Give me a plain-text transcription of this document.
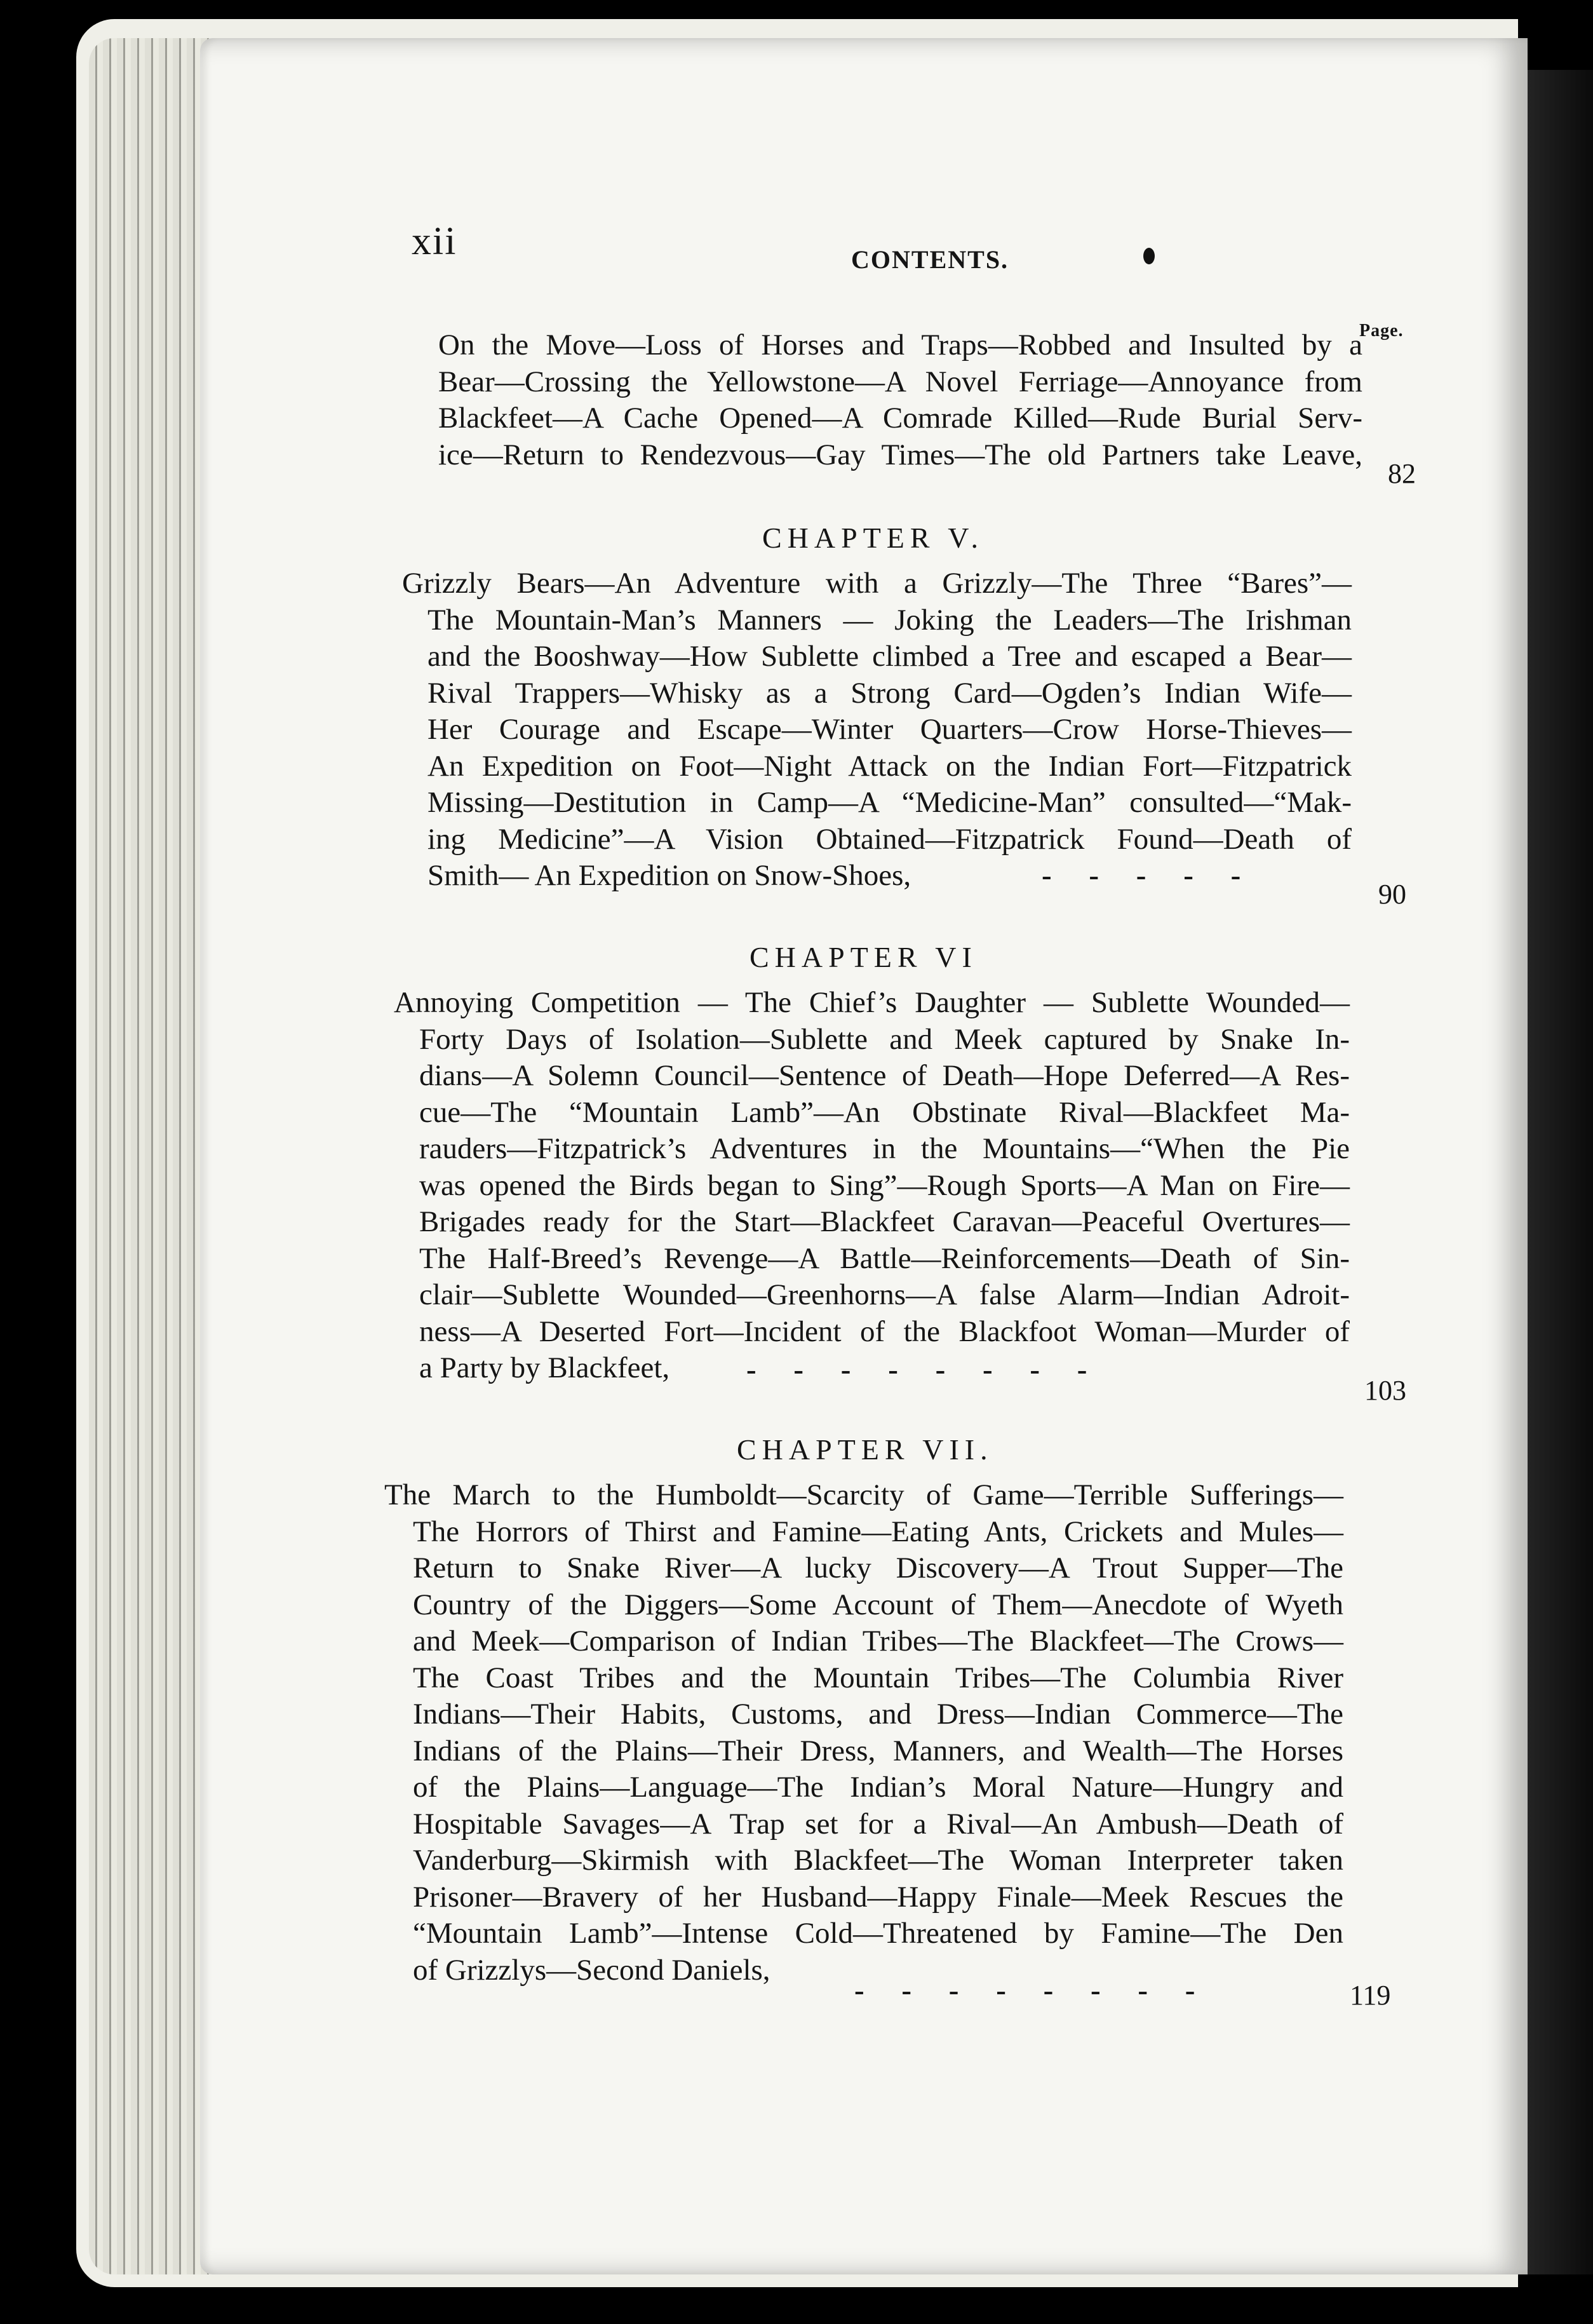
xii	CONTENTS.
Page.
On the Move—Loss of Horses and Traps—Robbed and Insulted by a
Bear—Crossing the Yellowstone—A Novel Ferriage—Annoyance from
Blackfeet—A Cache Opened—A Comrade Killed—Rude Burial Serv-
ice—Return to Rendezvous—Gay Times—The old Partners take Leave,
82
CHAPTER V.
Grizzly Bears—An Adventure with a Grizzly—The Three “Bares”—
The Mountain-Man’s Manners — Joking the Leaders—The Irishman
and the Booshway—How Sublette climbed a Tree and escaped a Bear—
Rival Trappers—Whisky as a Strong Card—Ogden’s Indian Wife—
Her Courage and Escape—Winter Quarters—Crow Horse-Thieves—
An Expedition on Foot—Night Attack on the Indian Fort—Fitzpatrick
Missing—Destitution in Camp—A “Medicine-Man” consulted—“Mak-
ing Medicine”—A Vision Obtained—Fitzpatrick Found—Death of
Smith— An Expedition on Snow-Shoes,	-     -     -     -     -
90
CHAPTER VI
Annoying Competition — The Chief’s Daughter — Sublette Wounded—
Forty Days of Isolation—Sublette and Meek captured by Snake In-
dians—A Solemn Council—Sentence of Death—Hope Deferred—A Res-
cue—The “Mountain Lamb”—An Obstinate Rival—Blackfeet Ma-
rauders—Fitzpatrick’s Adventures in the Mountains—“When the Pie
was opened the Birds began to Sing”—Rough Sports—A Man on Fire—
Brigades ready for the Start—Blackfeet Caravan—Peaceful Overtures—
The Half-Breed’s Revenge—A Battle—Reinforcements—Death of Sin-
clair—Sublette Wounded—Greenhorns—A false Alarm—Indian Adroit-
ness—A Deserted Fort—Incident of the Blackfoot Woman—Murder of
a Party by Blackfeet,	-     -     -     -     -     -     -     -
103
CHAPTER VII.
The March to the Humboldt—Scarcity of Game—Terrible Sufferings—
The Horrors of Thirst and Famine—Eating Ants, Crickets and Mules—
Return to Snake River—A lucky Discovery—A Trout Supper—The
Country of the Diggers—Some Account of Them—Anecdote of Wyeth
and Meek—Comparison of Indian Tribes—The Blackfeet—The Crows—
The Coast Tribes and the Mountain Tribes—The Columbia River
Indians—Their Habits, Customs, and Dress—Indian Commerce—The
Indians of the Plains—Their Dress, Manners, and Wealth—The Horses
of the Plains—Language—The Indian’s Moral Nature—Hungry and
Hospitable Savages—A Trap set for a Rival—An Ambush—Death of
Vanderburg—Skirmish with Blackfeet—The Woman Interpreter taken
Prisoner—Bravery of her Husband—Happy Finale—Meek Rescues the
“Mountain Lamb”—Intense Cold—Threatened by Famine—The Den
of Grizzlys—Second Daniels,
-     -     -     -     -     -     -     -	119
